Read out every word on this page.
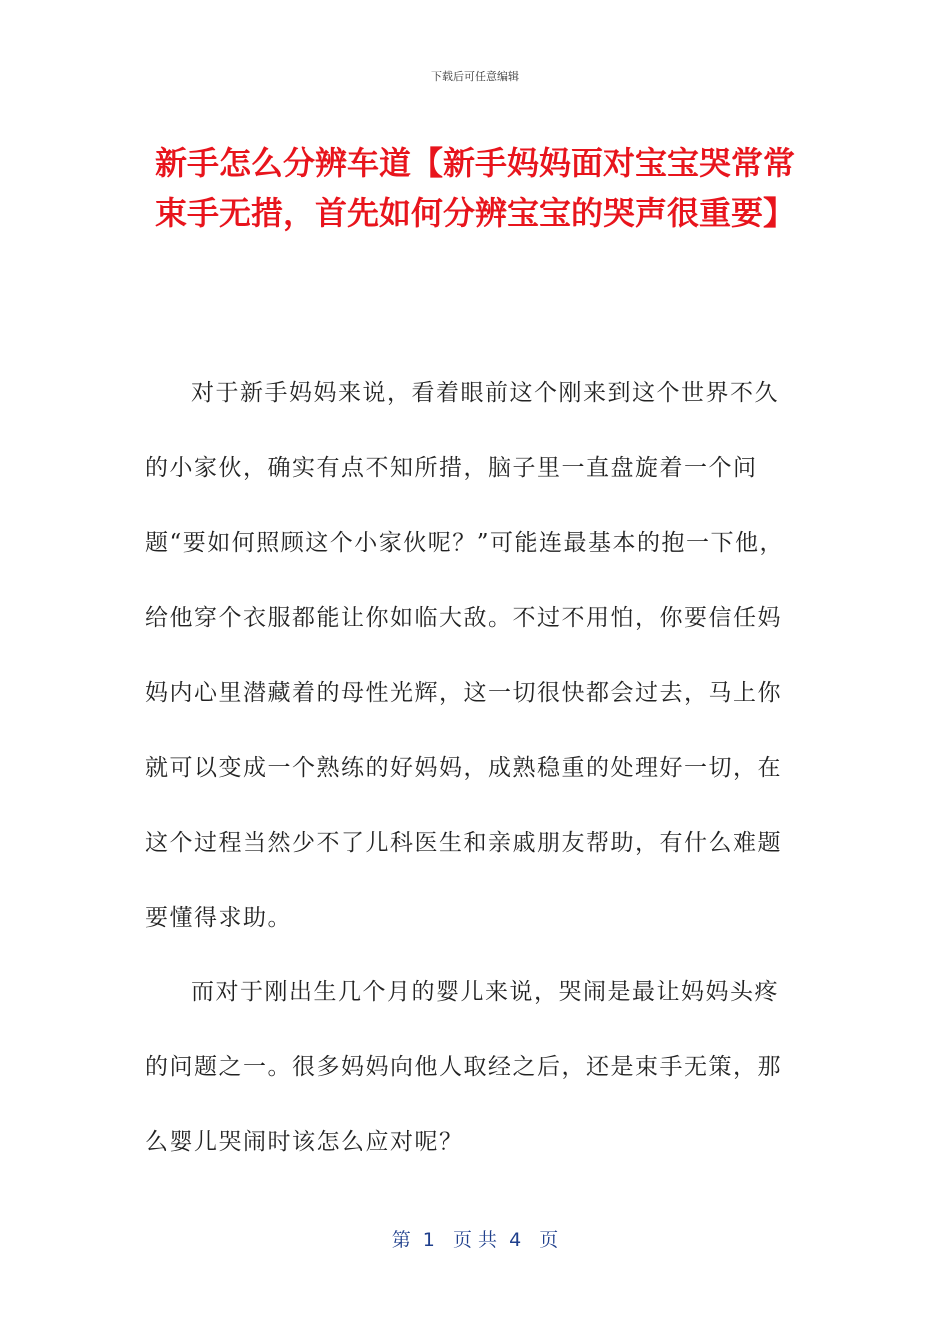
下载后可任意编辑
新手怎么分辨车道【新手妈妈面对宝宝哭常常束手无措，首先如何分辨宝宝的哭声很重要】

对于新手妈妈来说，看着眼前这个刚来到这个世界不久的小家伙，确实有点不知所措，脑子里一直盘旋着一个问题“要如何照顾这个小家伙呢？”可能连最基本的抱一下他，给他穿个衣服都能让你如临大敌。不过不用怕，你要信任妈妈内心里潜藏着的母性光辉，这一切很快都会过去，马上你就可以变成一个熟练的好妈妈，成熟稳重的处理好一切，在这个过程当然少不了儿科医生和亲戚朋友帮助，有什么难题要懂得求助。

而对于刚出生几个月的婴儿来说，哭闹是最让妈妈头疼的问题之一。很多妈妈向他人取经之后，还是束手无策，那么婴儿哭闹时该怎么应对呢？

第  1   页 共  4   页
